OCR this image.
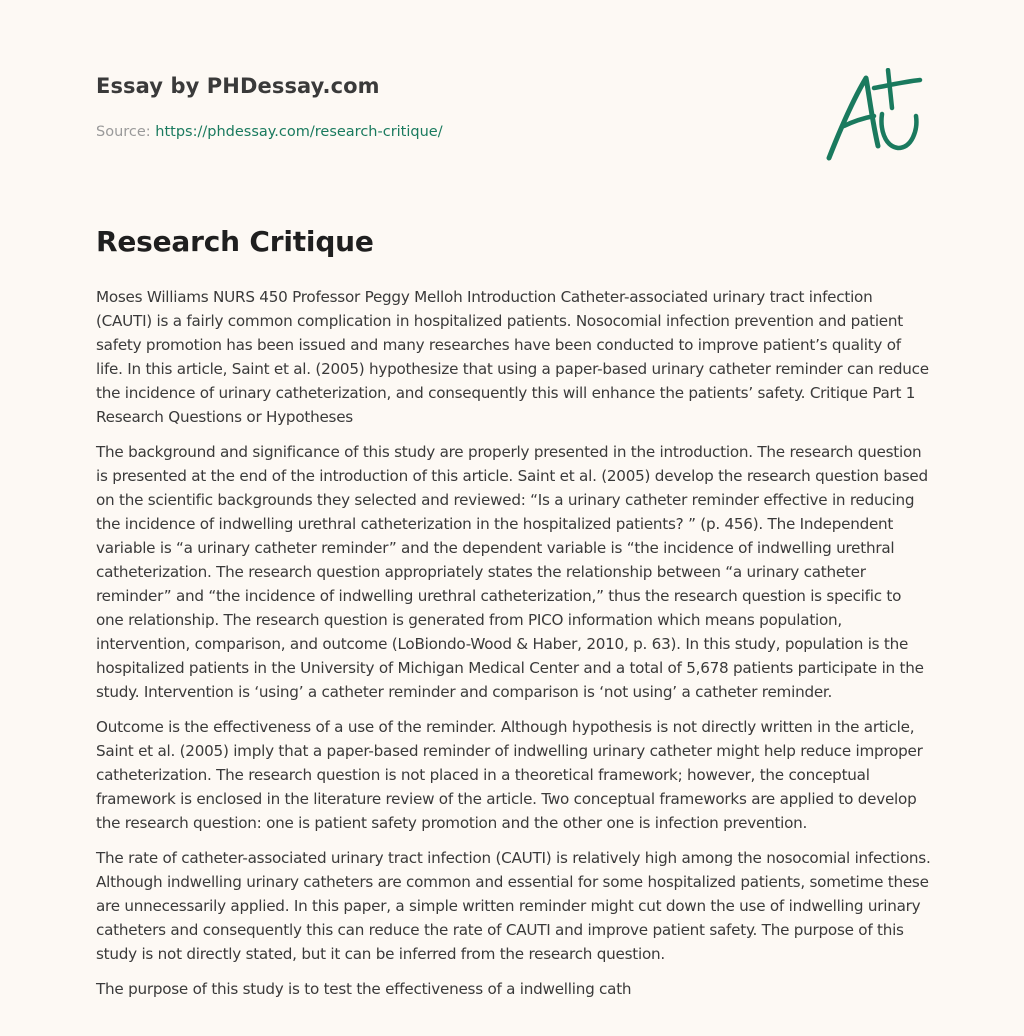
Essay by PHDessay.com
Source: https://phdessay.com/research-critique/
Research Critique

Moses Williams NURS 450 Professor Peggy Melloh Introduction Catheter-associated urinary tract infection (CAUTI) is a fairly common complication in hospitalized patients. Nosocomial infection prevention and patient safety promotion has been issued and many researches have been conducted to improve patient’s quality of life. In this article, Saint et al. (2005) hypothesize that using a paper-based urinary catheter reminder can reduce the incidence of urinary catheterization, and consequently this will enhance the patients’ safety. Critique Part 1 Research Questions or Hypotheses

The background and significance of this study are properly presented in the introduction. The research question is presented at the end of the introduction of this article. Saint et al. (2005) develop the research question based on the scientific backgrounds they selected and reviewed: “Is a urinary catheter reminder effective in reducing the incidence of indwelling urethral catheterization in the hospitalized patients? ” (p. 456). The Independent variable is “a urinary catheter reminder” and the dependent variable is “the incidence of indwelling urethral catheterization. The research question appropriately states the relationship between “a urinary catheter reminder” and “the incidence of indwelling urethral catheterization,” thus the research question is specific to one relationship. The research question is generated from PICO information which means population, intervention, comparison, and outcome (LoBiondo-Wood & Haber, 2010, p. 63). In this study, population is the hospitalized patients in the University of Michigan Medical Center and a total of 5,678 patients participate in the study. Intervention is ‘using’ a catheter reminder and comparison is ‘not using’ a catheter reminder.

Outcome is the effectiveness of a use of the reminder. Although hypothesis is not directly written in the article, Saint et al. (2005) imply that a paper-based reminder of indwelling urinary catheter might help reduce improper catheterization. The research question is not placed in a theoretical framework; however, the conceptual framework is enclosed in the literature review of the article. Two conceptual frameworks are applied to develop the research question: one is patient safety promotion and the other one is infection prevention.

The rate of catheter-associated urinary tract infection (CAUTI) is relatively high among the nosocomial infections. Although indwelling urinary catheters are common and essential for some hospitalized patients, sometime these are unnecessarily applied. In this paper, a simple written reminder might cut down the use of indwelling urinary catheters and consequently this can reduce the rate of CAUTI and improve patient safety. The purpose of this study is not directly stated, but it can be inferred from the research question.

The purpose of this study is to test the effectiveness of a indwelling cath
